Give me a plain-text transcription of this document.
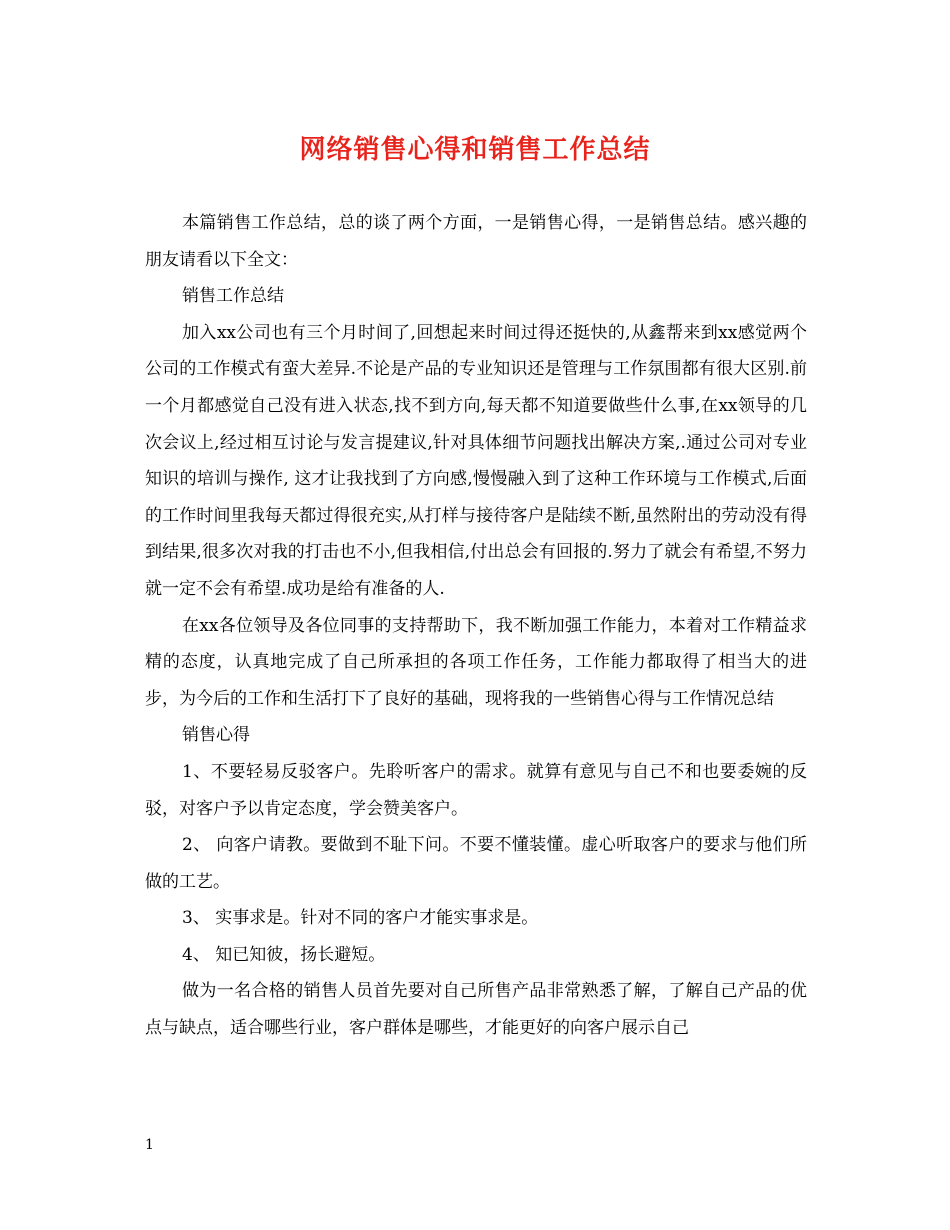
网络销售心得和销售工作总结

本篇销售工作总结，总的谈了两个方面，一是销售心得，一是销售总结。感兴趣的朋友请看以下全文：

销售工作总结

加入xx公司也有三个月时间了,回想起来时间过得还挺快的,从鑫帮来到xx感觉两个公司的工作模式有蛮大差异.不论是产品的专业知识还是管理与工作氛围都有很大区别.前一个月都感觉自己没有进入状态,找不到方向,每天都不知道要做些什么事,在xx领导的几次会议上,经过相互讨论与发言提建议,针对具体细节问题找出解决方案,.通过公司对专业知识的培训与操作, 这才让我找到了方向感,慢慢融入到了这种工作环境与工作模式,后面的工作时间里我每天都过得很充实,从打样与接待客户是陆续不断,虽然附出的劳动没有得到结果,很多次对我的打击也不小,但我相信,付出总会有回报的.努力了就会有希望,不努力就一定不会有希望.成功是给有准备的人.

在xx各位领导及各位同事的支持帮助下，我不断加强工作能力，本着对工作精益求精的态度，认真地完成了自己所承担的各项工作任务，工作能力都取得了相当大的进步，为今后的工作和生活打下了良好的基础，现将我的一些销售心得与工作情况总结

销售心得

1、不要轻易反驳客户。先聆听客户的需求。就算有意见与自己不和也要委婉的反驳，对客户予以肯定态度，学会赞美客户。

2、 向客户请教。要做到不耻下问。不要不懂装懂。虚心听取客户的要求与他们所做的工艺。

3、 实事求是。针对不同的客户才能实事求是。

4、 知已知彼，扬长避短。

做为一名合格的销售人员首先要对自己所售产品非常熟悉了解，了解自己产品的优点与缺点，适合哪些行业，客户群体是哪些，才能更好的向客户展示自己

1
